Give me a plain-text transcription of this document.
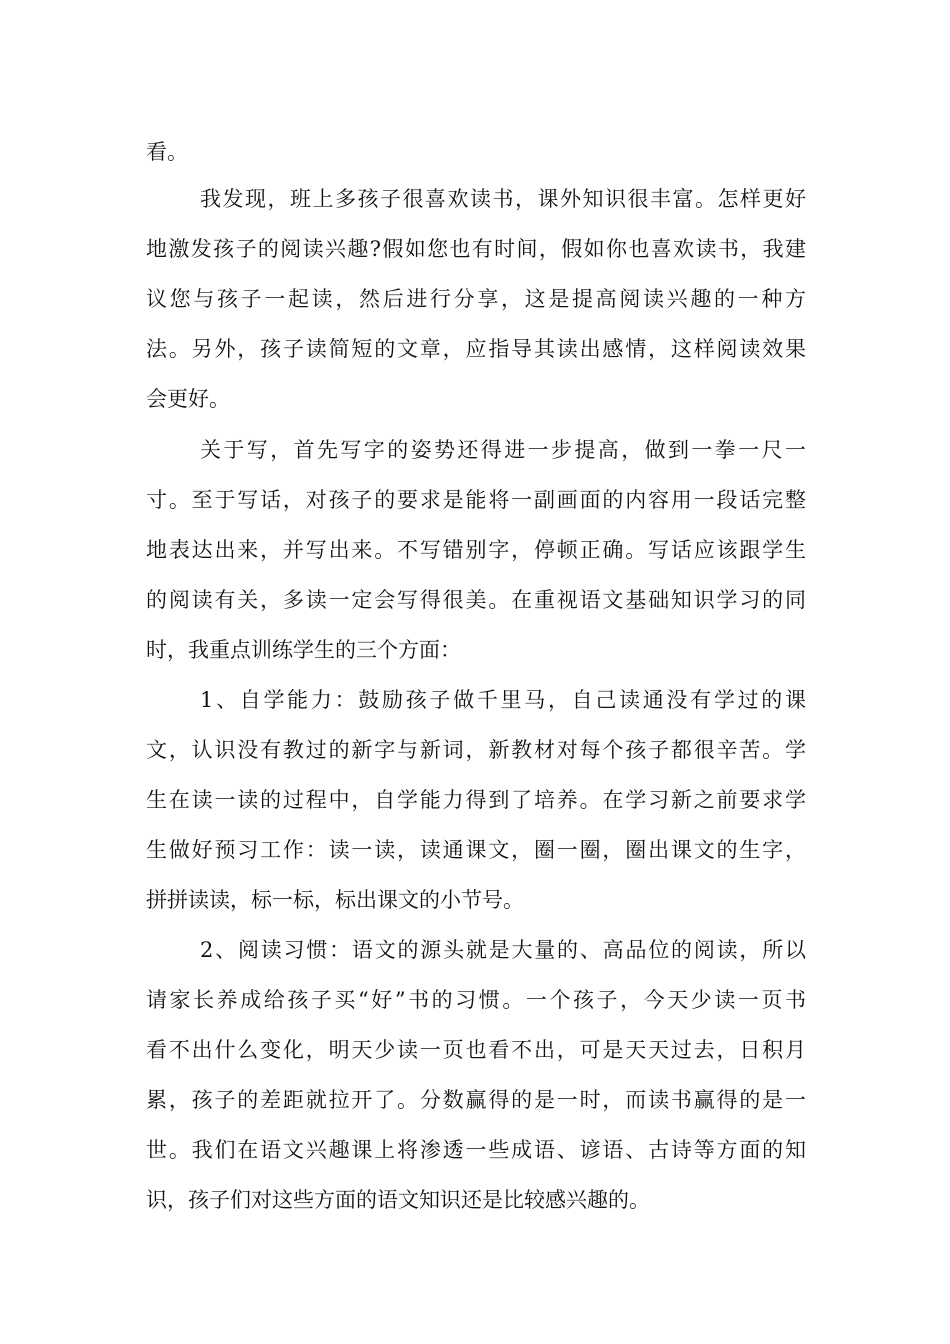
看。
我发现，班上多孩子很喜欢读书，课外知识很丰富。怎样更好
地激发孩子的阅读兴趣?假如您也有时间，假如你也喜欢读书，我建
议您与孩子一起读，然后进行分享，这是提高阅读兴趣的一种方
法。另外，孩子读简短的文章，应指导其读出感情，这样阅读效果
会更好。
关于写，首先写字的姿势还得进一步提高，做到一拳一尺一
寸。至于写话，对孩子的要求是能将一副画面的内容用一段话完整
地表达出来，并写出来。不写错别字，停顿正确。写话应该跟学生
的阅读有关，多读一定会写得很美。在重视语文基础知识学习的同
时，我重点训练学生的三个方面：
1、自学能力：鼓励孩子做千里马，自己读通没有学过的课
文，认识没有教过的新字与新词，新教材对每个孩子都很辛苦。学
生在读一读的过程中，自学能力得到了培养。在学习新之前要求学
生做好预习工作：读一读，读通课文，圈一圈，圈出课文的生字，
拼拼读读，标一标，标出课文的小节号。
2、阅读习惯：语文的源头就是大量的、高品位的阅读，所以
请家长养成给孩子买“好”书的习惯。一个孩子，今天少读一页书
看不出什么变化，明天少读一页也看不出，可是天天过去，日积月
累，孩子的差距就拉开了。分数赢得的是一时，而读书赢得的是一
世。我们在语文兴趣课上将渗透一些成语、谚语、古诗等方面的知
识，孩子们对这些方面的语文知识还是比较感兴趣的。
